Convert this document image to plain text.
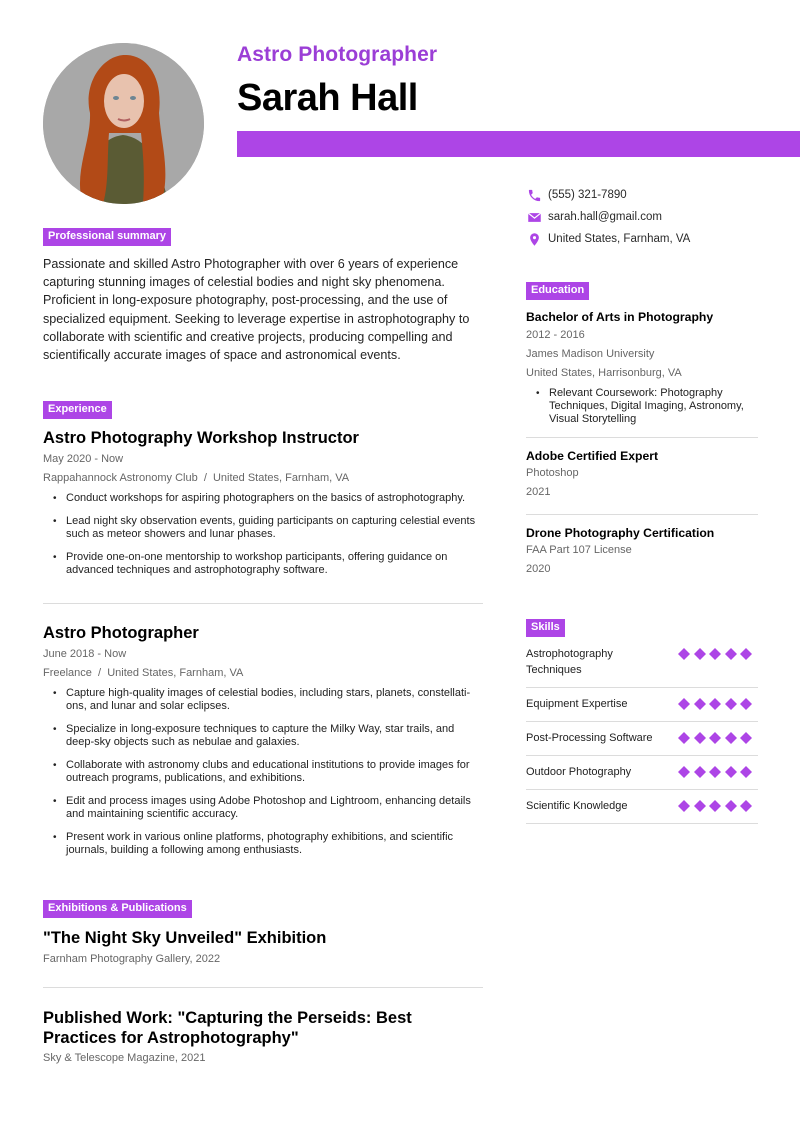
Astro Photographer
Sarah Hall
(555) 321-7890
sarah.hall@gmail.com
United States, Farnham, VA
Professional summary

Passionate and skilled Astro Photographer with over 6 years of experience capturing stunning images of celestial bodies and night sky phenomena. Proficient in long-exposure photography, post-processing, and the use of specialized equipment. Seeking to leverage expertise in astrophotography to collaborate with scientific and creative projects, producing compelling and scientifically accurate images of space and astronomical events.

Experience
Astro Photography Workshop Instructor
May 2020 - Now
Rappahannock Astronomy Club  /  United States, Farnham, VA
• Conduct workshops for aspiring photographers on the basics of astrophotography.
• Lead night sky observation events, guiding participants on capturing celestial events such as meteor showers and lunar phases.
• Provide one-on-one mentorship to workshop participants, offering guidance on advanced techniques and astrophotography software.
Astro Photographer
June 2018 - Now
Freelance  /  United States, Farnham, VA
• Capture high-quality images of celestial bodies, including stars, planets, constellati-ons, and lunar and solar eclipses.
• Specialize in long-exposure techniques to capture the Milky Way, star trails, and deep-sky objects such as nebulae and galaxies.
• Collaborate with astronomy clubs and educational institutions to provide images for outreach programs, publications, and exhibitions.
• Edit and process images using Adobe Photoshop and Lightroom, enhancing details and maintaining scientific accuracy.
• Present work in various online platforms, photography exhibitions, and scientific journals, building a following among enthusiasts.
Exhibitions & Publications
"The Night Sky Unveiled" Exhibition
Farnham Photography Gallery, 2022
Published Work: "Capturing the Perseids: Best Practices for Astrophotography"
Sky & Telescope Magazine, 2021
Education
Bachelor of Arts in Photography
2012 - 2016
James Madison University
United States, Harrisonburg, VA
• Relevant Coursework: Photography Techniques, Digital Imaging, Astronomy, Visual Storytelling
Adobe Certified Expert
Photoshop
2021
Drone Photography Certification
FAA Part 107 License
2020
Skills
Astrophotography Techniques
Equipment Expertise
Post-Processing Software
Outdoor Photography
Scientific Knowledge
